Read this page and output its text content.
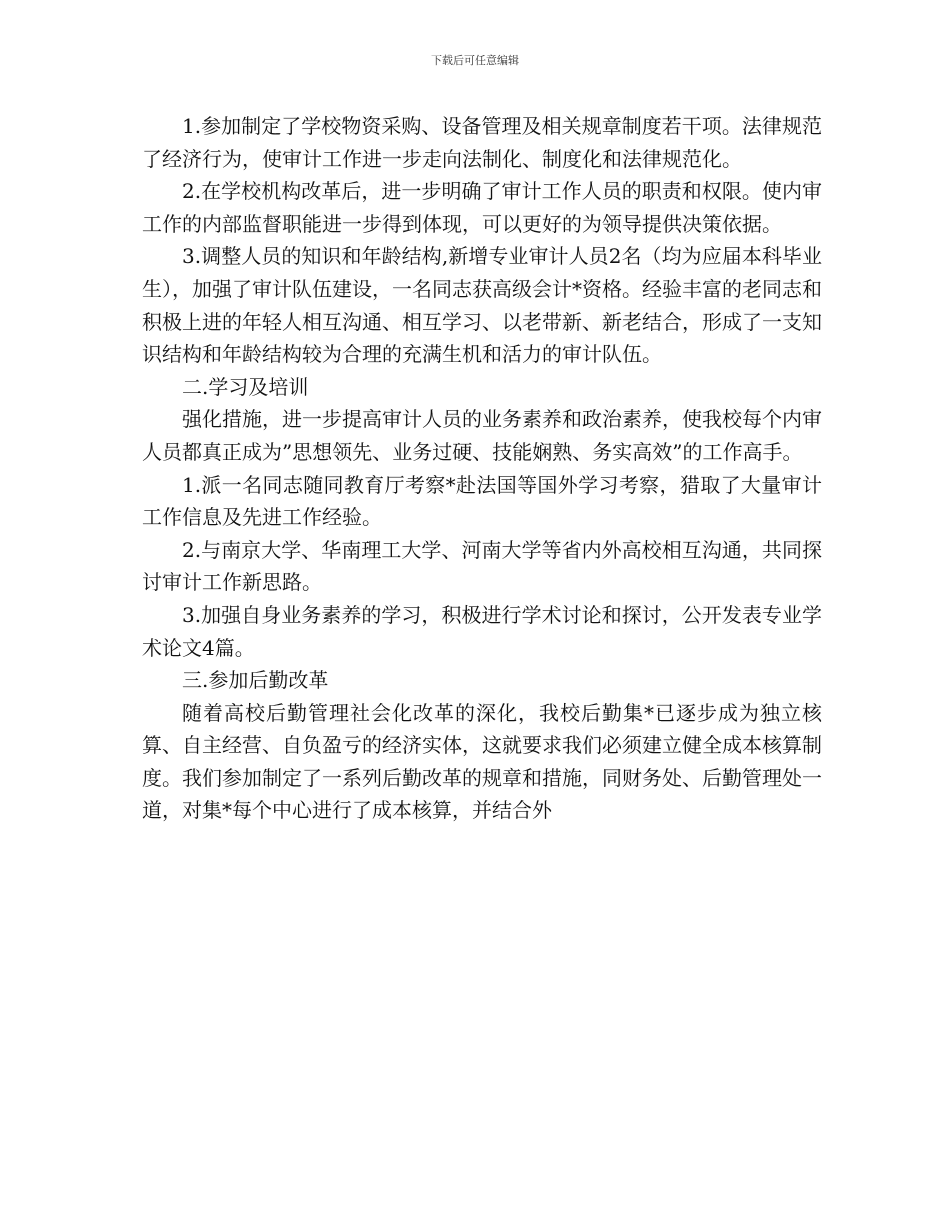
下载后可任意编辑

1.参加制定了学校物资采购、设备管理及相关规章制度若干项。法律规范了经济行为，使审计工作进一步走向法制化、制度化和法律规范化。

2.在学校机构改革后，进一步明确了审计工作人员的职责和权限。使内审工作的内部监督职能进一步得到体现，可以更好的为领导提供决策依据。

3.调整人员的知识和年龄结构,新增专业审计人员2名（均为应届本科毕业生），加强了审计队伍建设，一名同志获高级会计*资格。经验丰富的老同志和积极上进的年轻人相互沟通、相互学习、以老带新、新老结合，形成了一支知识结构和年龄结构较为合理的充满生机和活力的审计队伍。

二.学习及培训

强化措施，进一步提高审计人员的业务素养和政治素养，使我校每个内审人员都真正成为”思想领先、业务过硬、技能娴熟、务实高效”的工作高手。

1.派一名同志随同教育厅考察*赴法国等国外学习考察，猎取了大量审计工作信息及先进工作经验。

2.与南京大学、华南理工大学、河南大学等省内外高校相互沟通，共同探讨审计工作新思路。

3.加强自身业务素养的学习，积极进行学术讨论和探讨，公开发表专业学术论文4篇。

三.参加后勤改革

随着高校后勤管理社会化改革的深化，我校后勤集*已逐步成为独立核算、自主经营、自负盈亏的经济实体，这就要求我们必须建立健全成本核算制度。我们参加制定了一系列后勤改革的规章和措施，同财务处、后勤管理处一道，对集*每个中心进行了成本核算，并结合外
